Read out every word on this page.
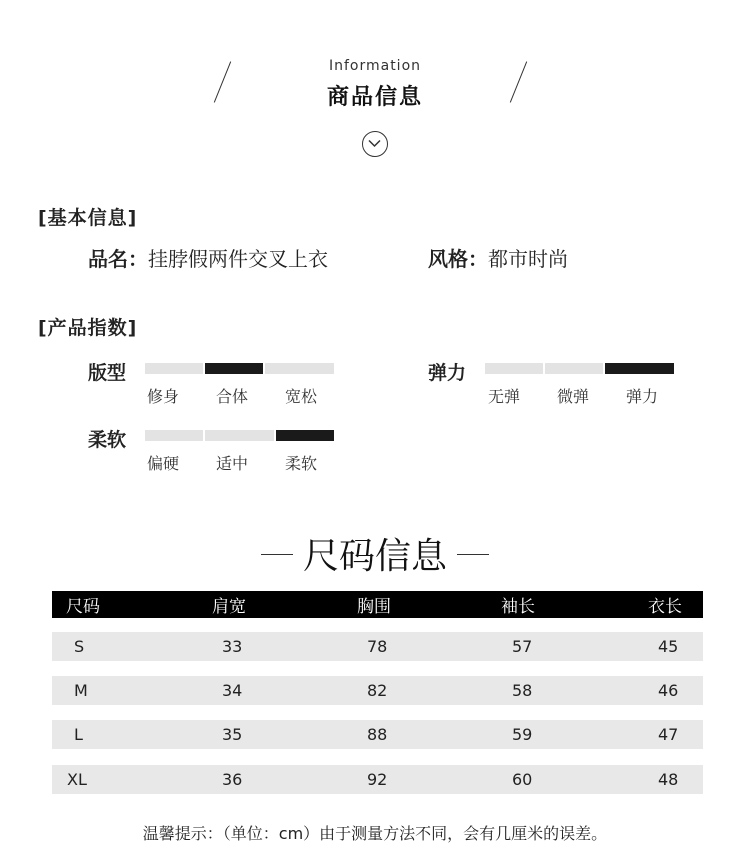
Information
商品信息
[基本信息]
品名：挂脖假两件交叉上衣	风格：都市时尚
[产品指数]
版型
修身 合体 宽松
弹力
无弹 微弹 弹力
柔软
偏硬 适中 柔软
尺码信息
尺码	肩宽	胸围	袖长	衣长
S	33	78	57	45
M	34	82	58	46
L	35	88	59	47
XL	36	92	60	48
温馨提示：（单位：cm）由于测量方法不同，会有几厘米的误差。
